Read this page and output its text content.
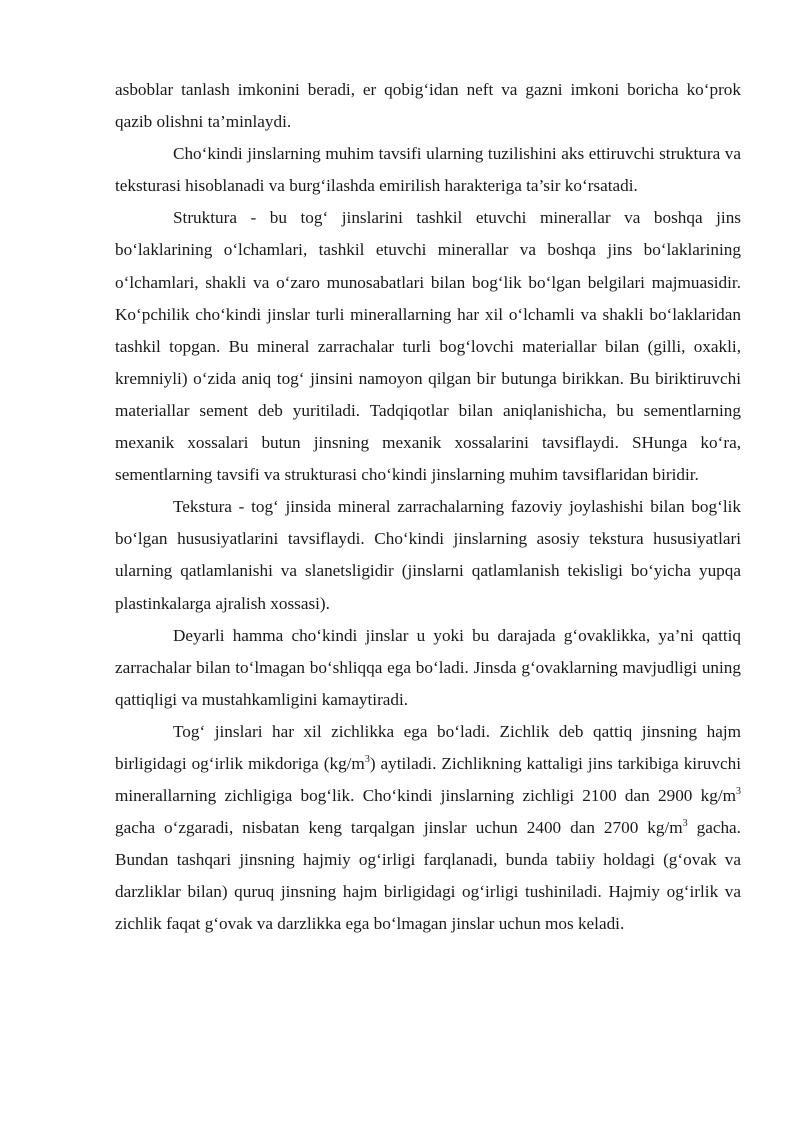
asboblar tanlash imkonini beradi, er qobig‘idan neft va gazni imkoni boricha ko‘prok qazib olishni ta’minlaydi.

Cho‘kindi jinslarning muhim tavsifi ularning tuzilishini aks ettiruvchi struktura va teksturasi hisoblanadi va burg‘ilashda emirilish harakteriga ta’sir ko‘rsatadi.

Struktura - bu tog‘ jinslarini tashkil etuvchi minerallar va boshqa jins bo‘laklarining o‘lchamlari, tashkil etuvchi minerallar va boshqa jins bo‘laklarining o‘lchamlari, shakli va o‘zaro munosabatlari bilan bog‘lik bo‘lgan belgilari majmuasidir. Ko‘pchilik cho‘kindi jinslar turli minerallarning har xil o‘lchamli va shakli bo‘laklaridan tashkil topgan. Bu mineral zarrachalar turli bog‘lovchi materiallar bilan (gilli, oxakli, kremniyli) o‘zida aniq tog‘ jinsini namoyon qilgan bir butunga birikkan. Bu biriktiruvchi materiallar sement deb yuritiladi. Tadqiqotlar bilan aniqlanishicha, bu sementlarning mexanik xossalari butun jinsning mexanik xossalarini tavsiflaydi. SHunga ko‘ra, sementlarning tavsifi va strukturasi cho‘kindi jinslarning muhim tavsiflaridan biridir.

Tekstura - tog‘ jinsida mineral zarrachalarning fazoviy joylashishi bilan bog‘lik bo‘lgan hususiyatlarini tavsiflaydi. Cho‘kindi jinslarning asosiy tekstura hususiyatlari ularning qatlamlanishi va slanetsligidir (jinslarni qatlamlanish tekisligi bo‘yicha yupqa plastinkalarga ajralish xossasi).

Deyarli hamma cho‘kindi jinslar u yoki bu darajada g‘ovaklikka, ya’ni qattiq zarrachalar bilan to‘lmagan bo‘shliqqa ega bo‘ladi. Jinsda g‘ovaklarning mavjudligi uning qattiqligi va mustahkamligini kamaytiradi.

Tog‘ jinslari har xil zichlikka ega bo‘ladi. Zichlik deb qattiq jinsning hajm birligidagi og‘irlik mikdoriga $(kg/m^3)$ aytiladi. Zichlikning kattaligi jins tarkibiga kiruvchi minerallarning zichligiga bog‘lik. Cho‘kindi jinslarning zichligi 2100 dan 2900 $kg/m^3$ gacha o‘zgaradi, nisbatan keng tarqalgan jinslar uchun 2400 dan 2700 $kg/m^3$ gacha. Bundan tashqari jinsning hajmiy og‘irligi farqlanadi, bunda tabiiy holdagi (g‘ovak va darzliklar bilan) quruq jinsning hajm birligidagi og‘irligi tushiniladi. Hajmiy og‘irlik va zichlik faqat g‘ovak va darzlikka ega bo‘lmagan jinslar uchun mos keladi.
